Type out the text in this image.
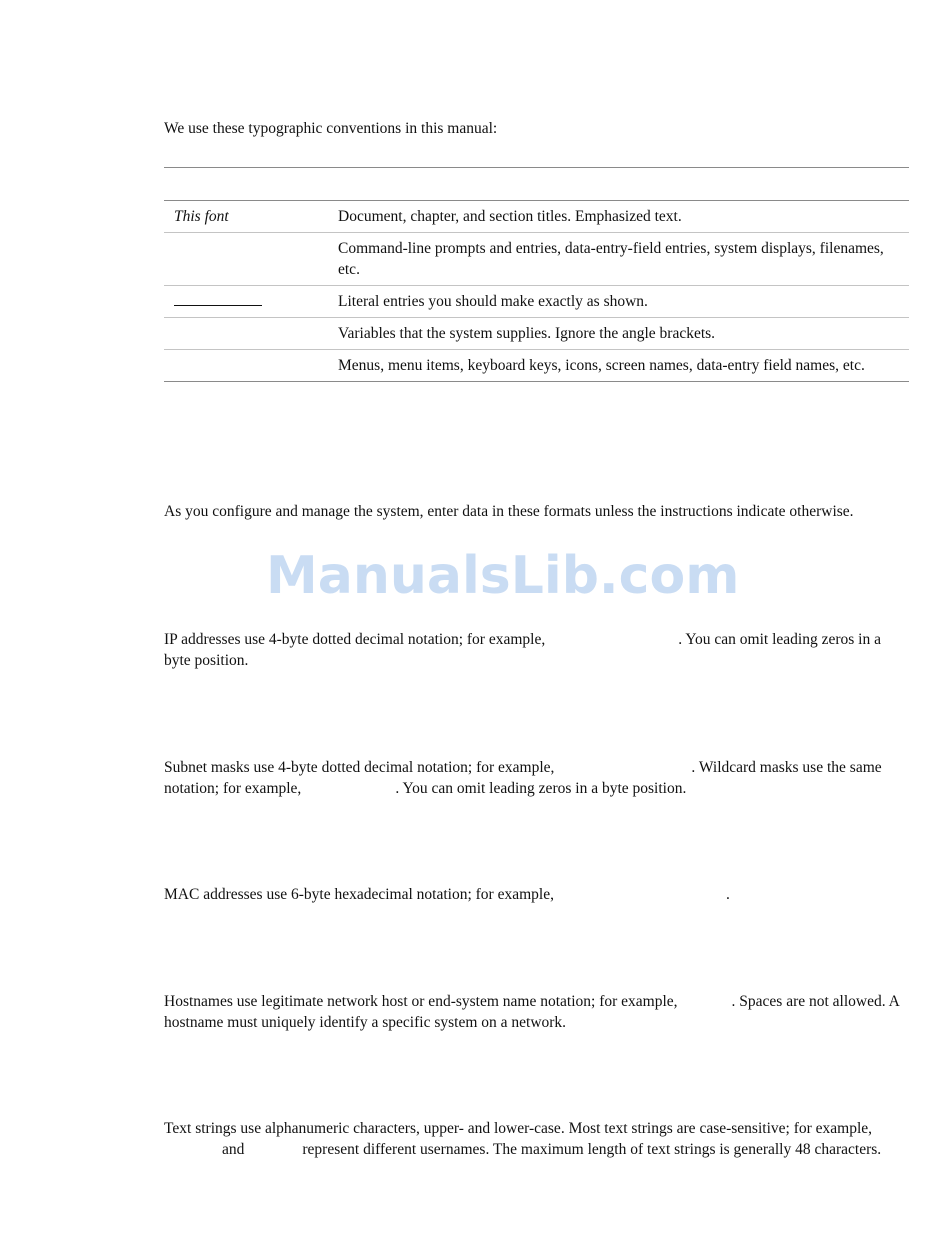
We use these typographic conventions in this manual:
This font	Document, chapter, and section titles. Emphasized text.
	Command-line prompts and entries, data-entry-field entries, system displays, filenames, etc.
	Literal entries you should make exactly as shown.
	Variables that the system supplies. Ignore the angle brackets.
	Menus, menu items, keyboard keys, icons, screen names, data-entry field names, etc.
As you configure and manage the system, enter data in these formats unless the instructions indicate otherwise.
ManualsLib.com
IP addresses use 4-byte dotted decimal notation; for example,	. You can omit leading zeros in a byte position.
Subnet masks use 4-byte dotted decimal notation; for example,	. Wildcard masks use the same notation; for example,	. You can omit leading zeros in a byte position.
MAC addresses use 6-byte hexadecimal notation; for example,	.
Hostnames use legitimate network host or end-system name notation; for example,	. Spaces are not allowed. A hostname must uniquely identify a specific system on a network.
Text strings use alphanumeric characters, upper- and lower-case. Most text strings are case-sensitive; for example,and	represent different usernames. The maximum length of text strings is generally 48 characters.
